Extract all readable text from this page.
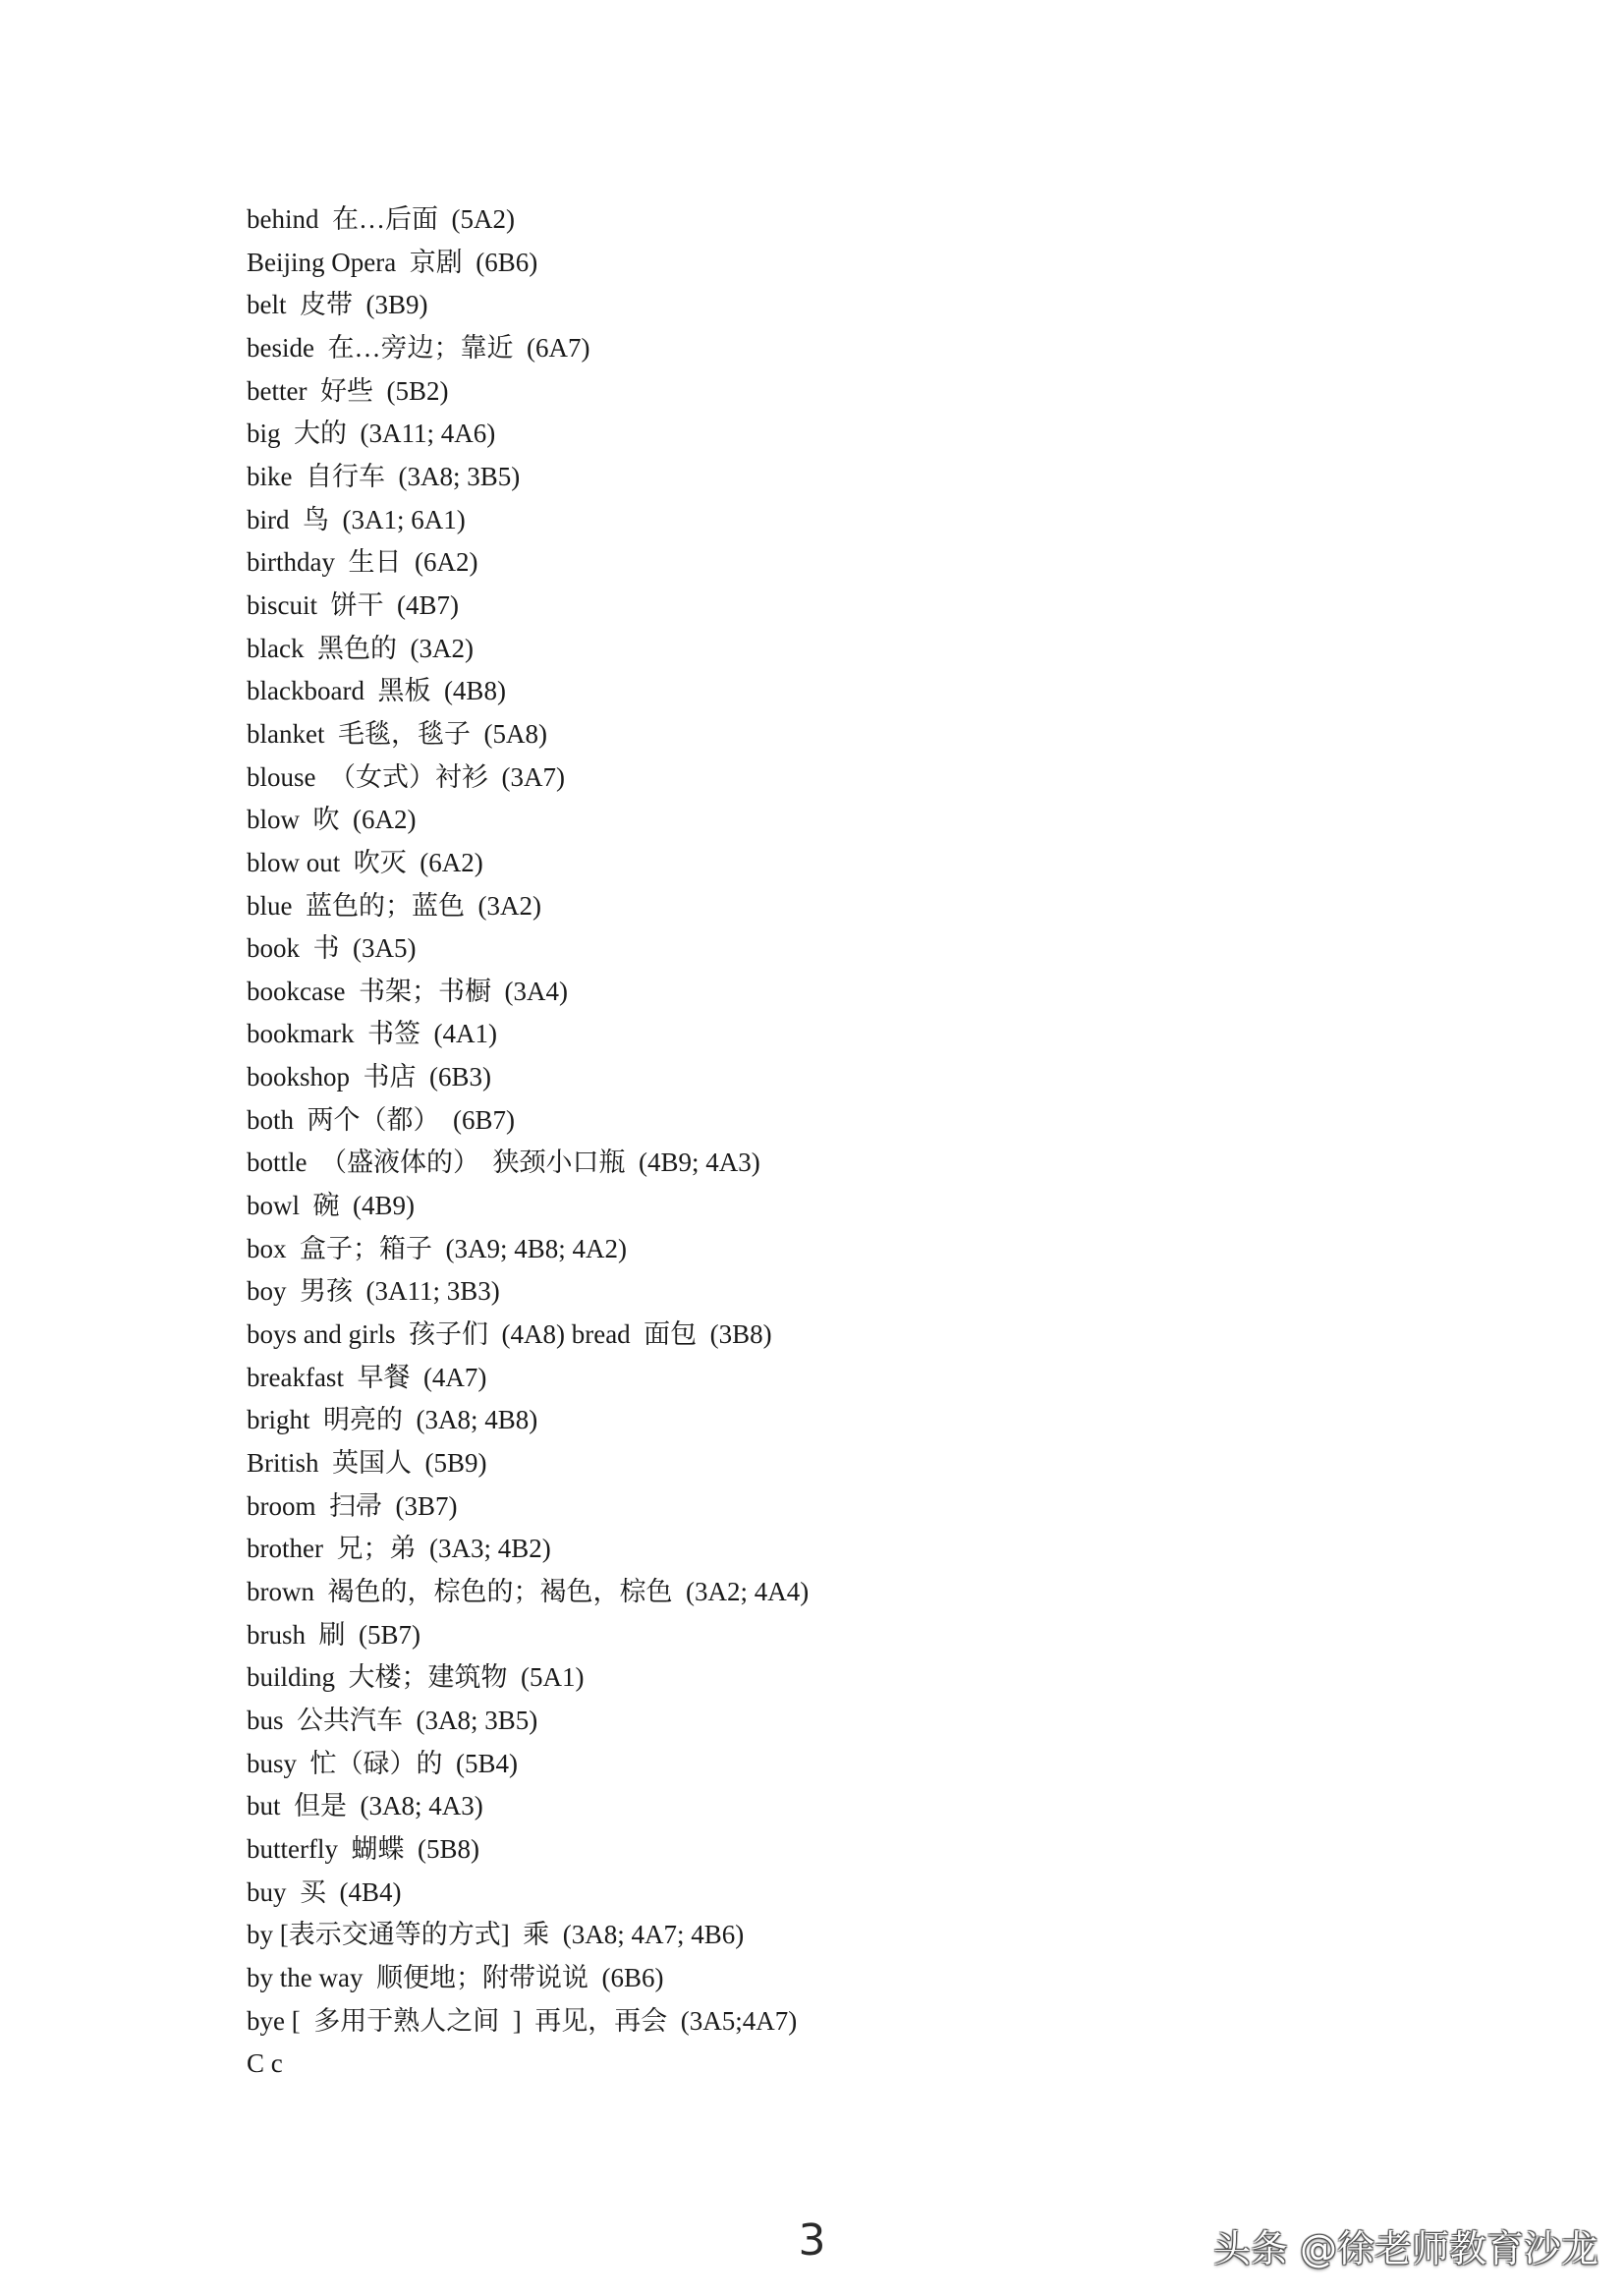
behind  在…后面  (5A2)
Beijing Opera  京剧  (6B6)
belt  皮带  (3B9)
beside  在…旁边；靠近  (6A7)
better  好些  (5B2)
big  大的  (3A11; 4A6)
bike  自行车  (3A8; 3B5)
bird  鸟  (3A1; 6A1)
birthday  生日  (6A2)
biscuit  饼干  (4B7)
black  黑色的  (3A2)
blackboard  黑板  (4B8)
blanket  毛毯，毯子  (5A8)
blouse  （女式）衬衫  (3A7)
blow  吹  (6A2)
blow out  吹灭  (6A2)
blue  蓝色的；蓝色  (3A2)
book  书  (3A5)
bookcase  书架；书橱  (3A4)
bookmark  书签  (4A1)
bookshop  书店  (6B3)
both  两个（都）  (6B7)
bottle  （盛液体的）  狭颈小口瓶  (4B9; 4A3)
bowl  碗  (4B9)
box  盒子；箱子  (3A9; 4B8; 4A2)
boy  男孩  (3A11; 3B3)
boys and girls  孩子们  (4A8) bread  面包  (3B8)
breakfast  早餐  (4A7)
bright  明亮的  (3A8; 4B8)
British  英国人  (5B9)
broom  扫帚  (3B7)
brother  兄；弟  (3A3; 4B2)
brown  褐色的，棕色的；褐色，棕色  (3A2; 4A4)
brush  刷  (5B7)
building  大楼；建筑物  (5A1)
bus  公共汽车  (3A8; 3B5)
busy  忙（碌）的  (5B4)
but  但是  (3A8; 4A3)
butterfly  蝴蝶  (5B8)
buy  买  (4B4)
by [表示交通等的方式]  乘  (3A8; 4A7; 4B6)
by the way  顺便地；附带说说  (6B6)
bye [  多用于熟人之间  ]  再见，再会  (3A5;4A7)
C c
3	头条 @徐老师教育沙龙
